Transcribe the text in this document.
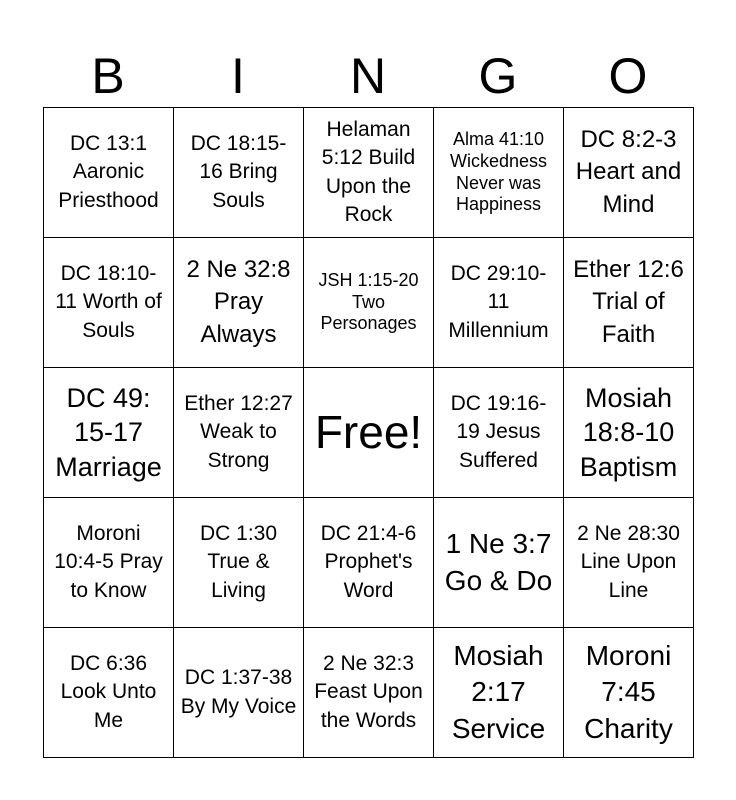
B	I	N	G	O
DC 13:1 Aaronic Priesthood	DC 18:15-16 Bring Souls	Helaman 5:12 Build Upon the Rock	Alma 41:10 Wickedness Never was Happiness	DC 8:2-3 Heart and Mind
DC 18:10-11 Worth of Souls	2 Ne 32:8 Pray Always	JSH 1:15-20 Two Personages	DC 29:10-11 Millennium	Ether 12:6 Trial of Faith
DC 49: 15-17 Marriage	Ether 12:27 Weak to Strong	Free!	DC 19:16-19 Jesus Suffered	Mosiah 18:8-10 Baptism
Moroni 10:4-5 Pray to Know	DC 1:30 True & Living	DC 21:4-6 Prophet's Word	1 Ne 3:7 Go & Do	2 Ne 28:30 Line Upon Line
DC 6:36 Look Unto Me	DC 1:37-38 By My Voice	2 Ne 32:3 Feast Upon the Words	Mosiah 2:17 Service	Moroni 7:45 Charity
